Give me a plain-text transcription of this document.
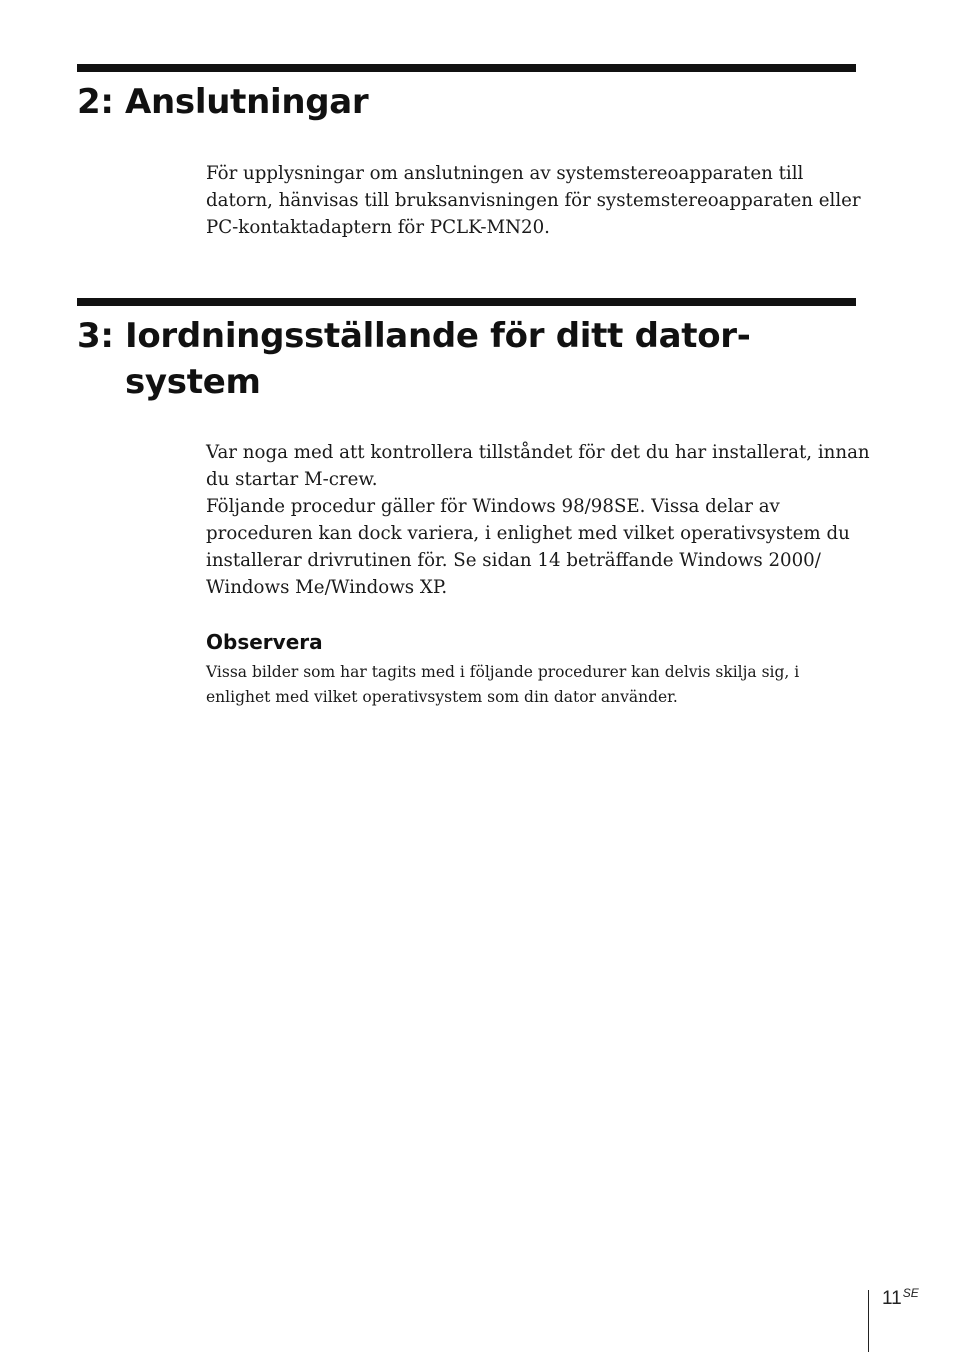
2: Anslutningar

För upplysningar om anslutningen av systemstereoapparaten till
datorn, hänvisas till bruksanvisningen för systemstereoapparaten eller
PC-kontaktadaptern för PCLK-MN20.

3: Iordningsställande för ditt dator-
system

Var noga med att kontrollera tillståndet för det du har installerat, innan
du startar M-crew.
Följande procedur gäller för Windows 98/98SE. Vissa delar av
proceduren kan dock variera, i enlighet med vilket operativsystem du
installerar drivrutinen för. Se sidan 14 beträffande Windows 2000/
Windows Me/Windows XP.

Observera

Vissa bilder som har tagits med i följande procedurer kan delvis skilja sig, i
enlighet med vilket operativsystem som din dator använder.

$11^{SE}$
